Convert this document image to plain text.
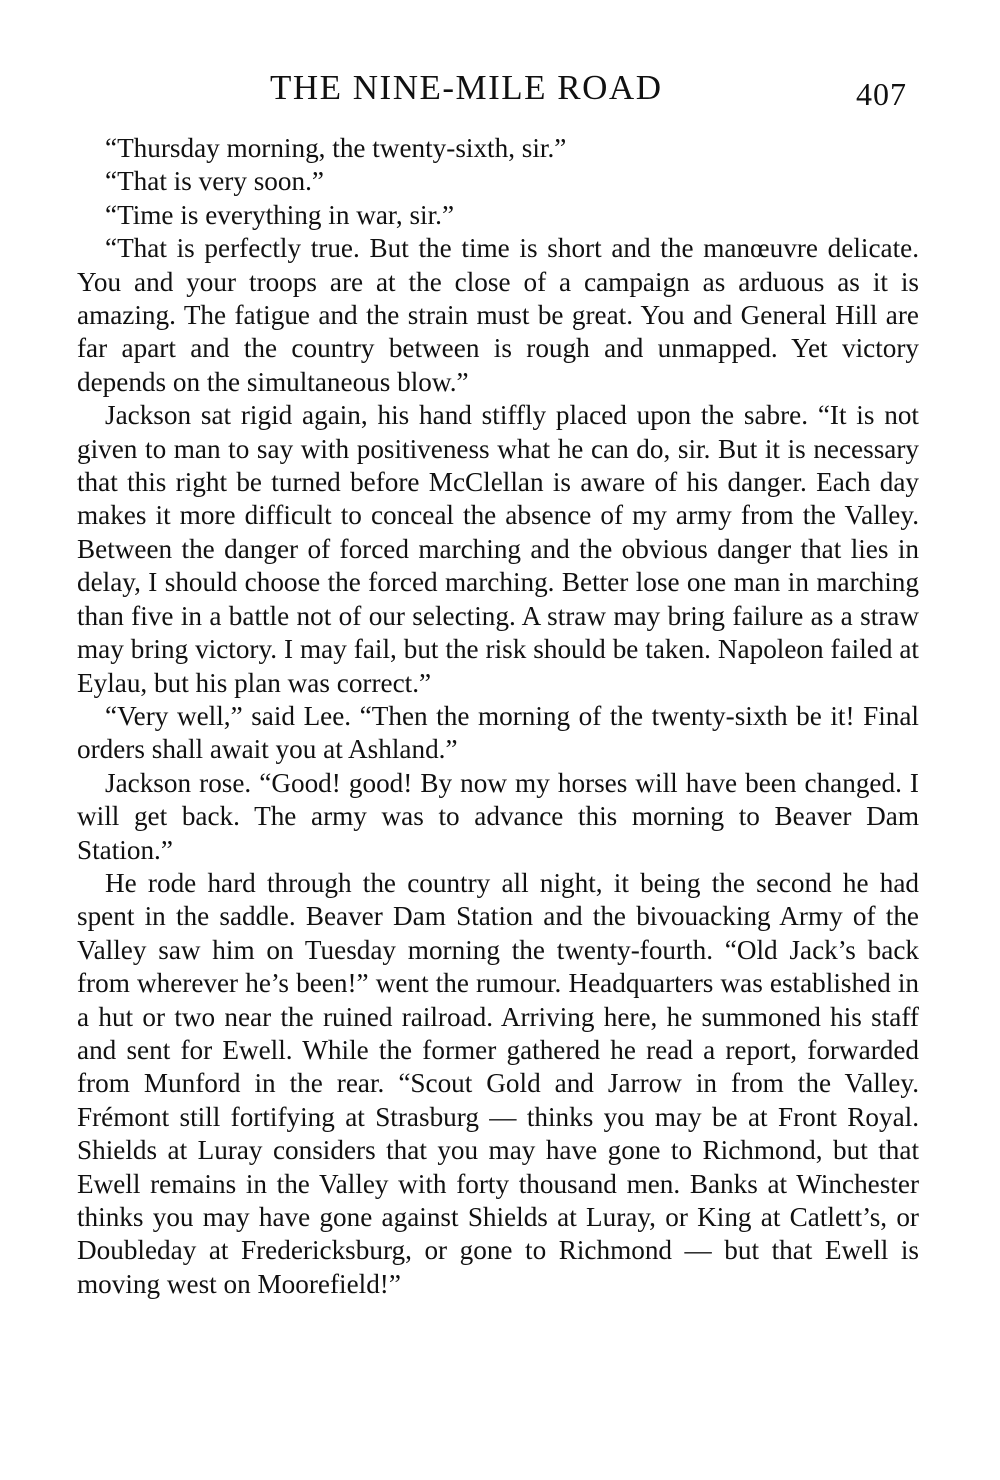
THE NINE-MILE ROAD	407

“Thursday morning, the twenty-sixth, sir.”

“That is very soon.”

“Time is everything in war, sir.”

“That is perfectly true. But the time is short and the manœuvre delicate. You and your troops are at the close of a campaign as arduous as it is amazing. The fatigue and the strain must be great. You and General Hill are far apart and the country between is rough and unmapped. Yet victory depends on the simultaneous blow.”

Jackson sat rigid again, his hand stiffly placed upon the sabre. “It is not given to man to say with positiveness what he can do, sir. But it is necessary that this right be turned before McClellan is aware of his danger. Each day makes it more difficult to conceal the absence of my army from the Valley. Between the danger of forced marching and the obvious danger that lies in delay, I should choose the forced marching. Better lose one man in marching than five in a battle not of our selecting. A straw may bring failure as a straw may bring victory. I may fail, but the risk should be taken. Napoleon failed at Eylau, but his plan was correct.”

“Very well,” said Lee. “Then the morning of the twenty-sixth be it! Final orders shall await you at Ashland.”

Jackson rose. “Good! good! By now my horses will have been changed. I will get back. The army was to advance this morning to Beaver Dam Station.”

He rode hard through the country all night, it being the second he had spent in the saddle. Beaver Dam Station and the bivouacking Army of the Valley saw him on Tuesday morning the twenty-fourth. “Old Jack’s back from wherever he’s been!” went the rumour. Headquarters was established in a hut or two near the ruined railroad. Arriving here, he summoned his staff and sent for Ewell. While the former gathered he read a report, forwarded from Munford in the rear. “Scout Gold and Jarrow in from the Valley. Frémont still fortifying at Strasburg — thinks you may be at Front Royal. Shields at Luray considers that you may have gone to Richmond, but that Ewell remains in the Valley with forty thousand men. Banks at Winchester thinks you may have gone against Shields at Luray, or King at Catlett’s, or Doubleday at Fredericksburg, or gone to Richmond — but that Ewell is moving west on Moorefield!”
